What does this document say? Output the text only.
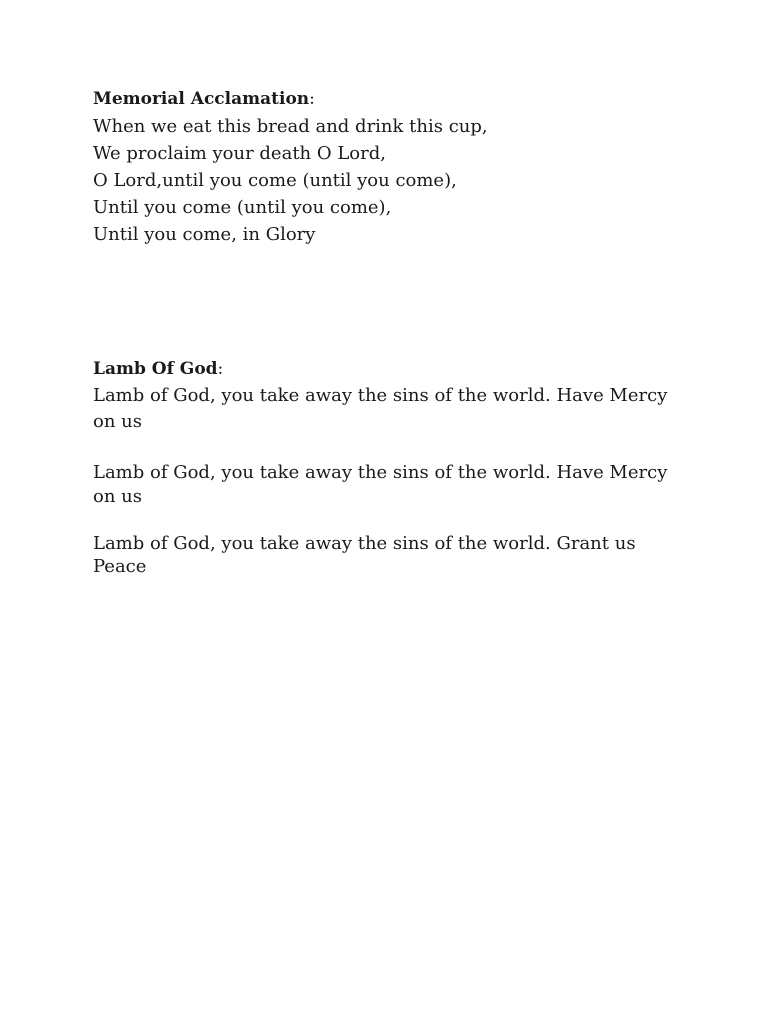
Memorial Acclamation:

When we eat this bread and drink this cup,

We proclaim your death O Lord,

O Lord,until you come (until you come),

Until you come (until you come),

Until you come, in Glory

Lamb Of God:

Lamb of God, you take away the sins of the world. Have Mercy on us

Lamb of God, you take away the sins of the world. Have Mercy on us

Lamb of God, you take away the sins of the world. Grant us Peace
